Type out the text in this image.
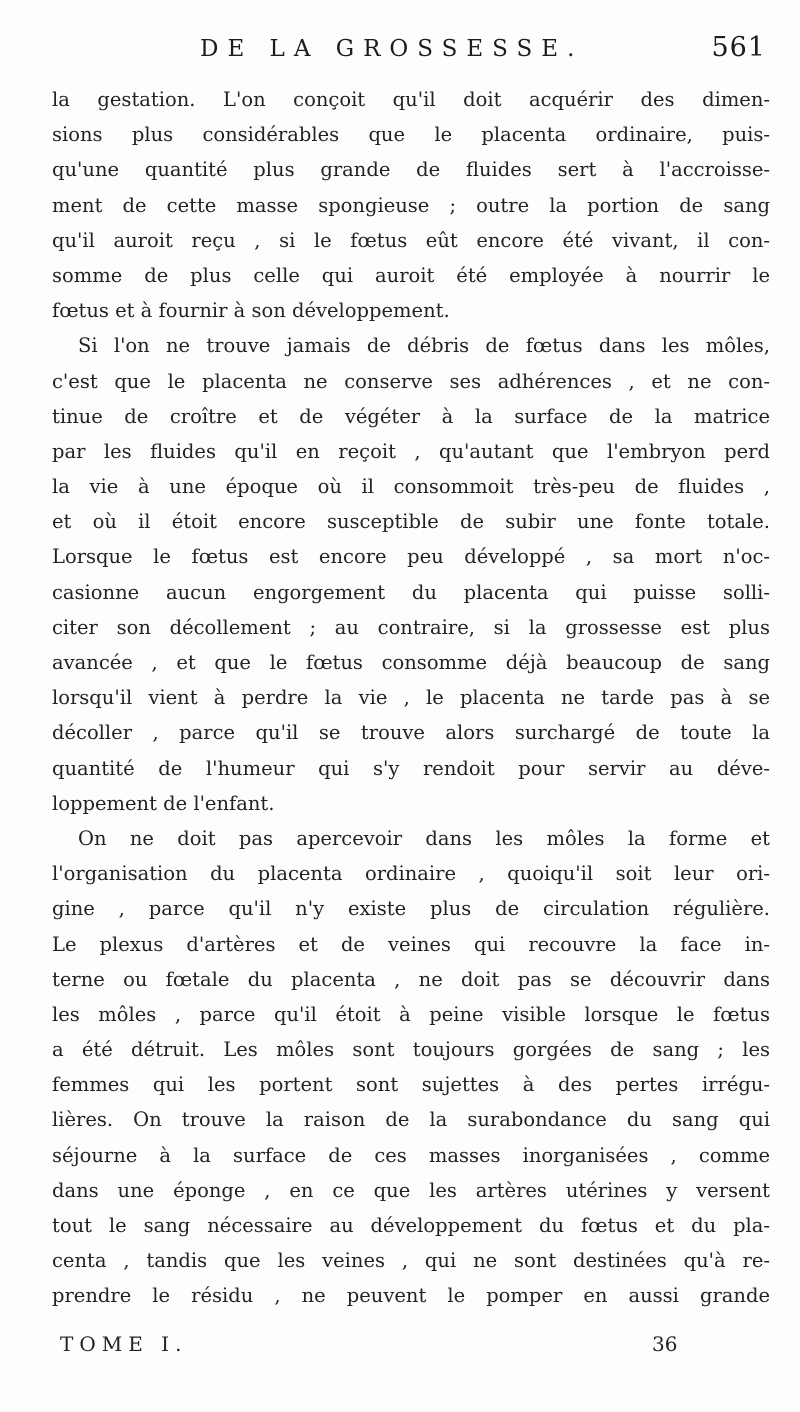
DE LA GROSSESSE.	561
la gestation. L'on conçoit qu'il doit acquérir des dimen-
sions plus considérables que le placenta ordinaire, puis-
qu'une quantité plus grande de fluides sert à l'accroisse-
ment de cette masse spongieuse ; outre la portion de sang
qu'il auroit reçu , si le fœtus eût encore été vivant, il con-
somme de plus celle qui auroit été employée à nourrir le
fœtus et à fournir à son développement.
Si l'on ne trouve jamais de débris de fœtus dans les môles,
c'est que le placenta ne conserve ses adhérences , et ne con-
tinue de croître et de végéter à la surface de la matrice
par les fluides qu'il en reçoit , qu'autant que l'embryon perd
la vie à une époque où il consommoit très-peu de fluides ,
et où il étoit encore susceptible de subir une fonte totale.
Lorsque le fœtus est encore peu développé , sa mort n'oc-
casionne aucun engorgement du placenta qui puisse solli-
citer son décollement ; au contraire, si la grossesse est plus
avancée , et que le fœtus consomme déjà beaucoup de sang
lorsqu'il vient à perdre la vie , le placenta ne tarde pas à se
décoller , parce qu'il se trouve alors surchargé de toute la
quantité de l'humeur qui s'y rendoit pour servir au déve-
loppement de l'enfant.
On ne doit pas apercevoir dans les môles la forme et
l'organisation du placenta ordinaire , quoiqu'il soit leur ori-
gine , parce qu'il n'y existe plus de circulation régulière.
Le plexus d'artères et de veines qui recouvre la face in-
terne ou fœtale du placenta , ne doit pas se découvrir dans
les môles , parce qu'il étoit à peine visible lorsque le fœtus
a été détruit. Les môles sont toujours gorgées de sang ; les
femmes qui les portent sont sujettes à des pertes irrégu-
lières. On trouve la raison de la surabondance du sang qui
séjourne à la surface de ces masses inorganisées , comme
dans une éponge , en ce que les artères utérines y versent
tout le sang nécessaire au développement du fœtus et du pla-
centa , tandis que les veines , qui ne sont destinées qu'à re-
prendre le résidu , ne peuvent le pomper en aussi grande
TOME I.	36
